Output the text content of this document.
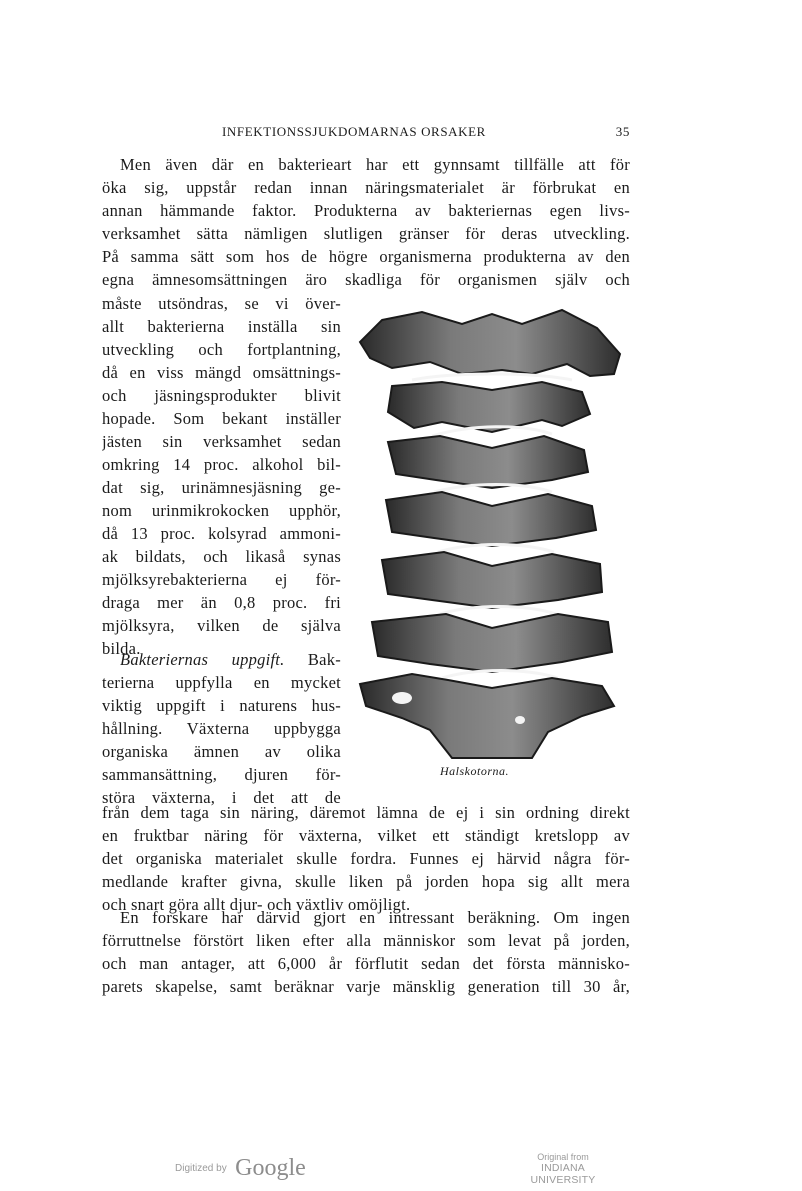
INFEKTIONSSJUKDOMARNAS ORSAKER	35
Men även där en bakterieart har ett gynnsamt tillfälle att för
öka sig, uppstår redan innan näringsmaterialet är förbrukat en
annan hämmande faktor. Produkterna av bakteriernas egen livs-
verksamhet sätta nämligen slutligen gränser för deras utveckling.
På samma sätt som hos de högre organismerna produkterna av den
egna ämnesomsättningen äro skadliga för organismen själv och
måste utsöndras, se vi över-
allt bakterierna inställa sin
utveckling och fortplantning,
då en viss mängd omsättnings-
och jäsningsprodukter blivit
hopade. Som bekant inställer
jästen sin verksamhet sedan
omkring 14 proc. alkohol bil-
dat sig, urinämnesjäsning ge-
nom urinmikrokocken upphör,
då 13 proc. kolsyrad ammoni-
ak bildats, och likaså synas
mjölksyrebakterierna ej för-
draga mer än 0,8 proc. fri
mjölksyra, vilken de själva
bilda.
Bakteriernas uppgift. Bak-
terierna uppfylla en mycket
viktig uppgift i naturens hus-
hållning. Växterna uppbygga
organiska ämnen av olika
sammansättning, djuren för-
störa växterna, i det att de
från dem taga sin näring, däremot lämna de ej i sin ordning direkt
en fruktbar näring för växterna, vilket ett ständigt kretslopp av
det organiska materialet skulle fordra. Funnes ej härvid några för-
medlande krafter givna, skulle liken på jorden hopa sig allt mera
och snart göra allt djur- och växtliv omöjligt.
En forskare har därvid gjort en intressant beräkning. Om ingen
förruttnelse förstört liken efter alla människor som levat på jorden,
och man antager, att 6,000 år förflutit sedan det första människo-
parets skapelse, samt beräknar varje mänsklig generation till 30 år,
Halskotorna.
Digitized by Google	Original from
INDIANA UNIVERSITY
